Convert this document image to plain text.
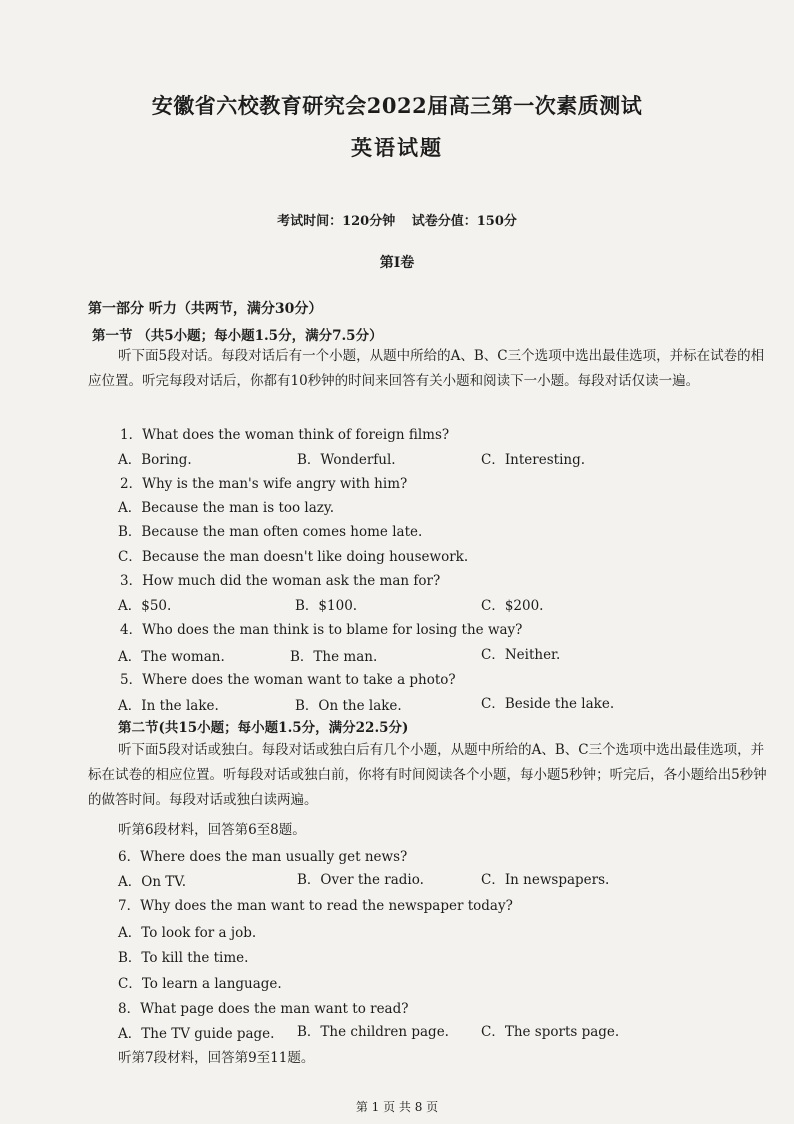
安徽省六校教育研究会2022届高三第一次素质测试
英语试题
考试时间：120分钟 试卷分值：150分
第Ⅰ卷
第一部分 听力（共两节，满分30分）
第一节 （共5小题；每小题1.5分，满分7.5分）
听下面5段对话。每段对话后有一个小题，从题中所给的A、B、C三个选项中选出最佳选项，并标在试卷的相应位置。听完每段对话后，你都有10秒钟的时间来回答有关小题和阅读下一小题。每段对话仅读一遍。
1．What does the woman think of foreign films?
A．Boring.	B．Wonderful.	C．Interesting.
2．Why is the man's wife angry with him?
A．Because the man is too lazy.
B．Because the man often comes home late.
C．Because the man doesn't like doing housework.
3．How much did the woman ask the man for?
A．$50.	B．$100.	C．$200.
4．Who does the man think is to blame for losing the way?
A．The woman.	B．The man.	C．Neither.
5．Where does the woman want to take a photo?
A．In the lake.	B．On the lake.	C．Beside the lake.
第二节(共15小题；每小题1.5分，满分22.5分)
听下面5段对话或独白。每段对话或独白后有几个小题，从题中所给的A、B、C三个选项中选出最佳选项，并标在试卷的相应位置。听每段对话或独白前，你将有时间阅读各个小题，每小题5秒钟；听完后，各小题给出5秒钟的做答时间。每段对话或独白读两遍。
听第6段材料，回答第6至8题。
6．Where does the man usually get news?
A．On TV.	B．Over the radio.	C．In newspapers.
7．Why does the man want to read the newspaper today?
A．To look for a job.
B．To kill the time.
C．To learn a language.
8．What page does the man want to read?
A．The TV guide page. B．The children page. C．The sports page.
听第7段材料，回答第9至11题。
第 1 页 共 8 页
